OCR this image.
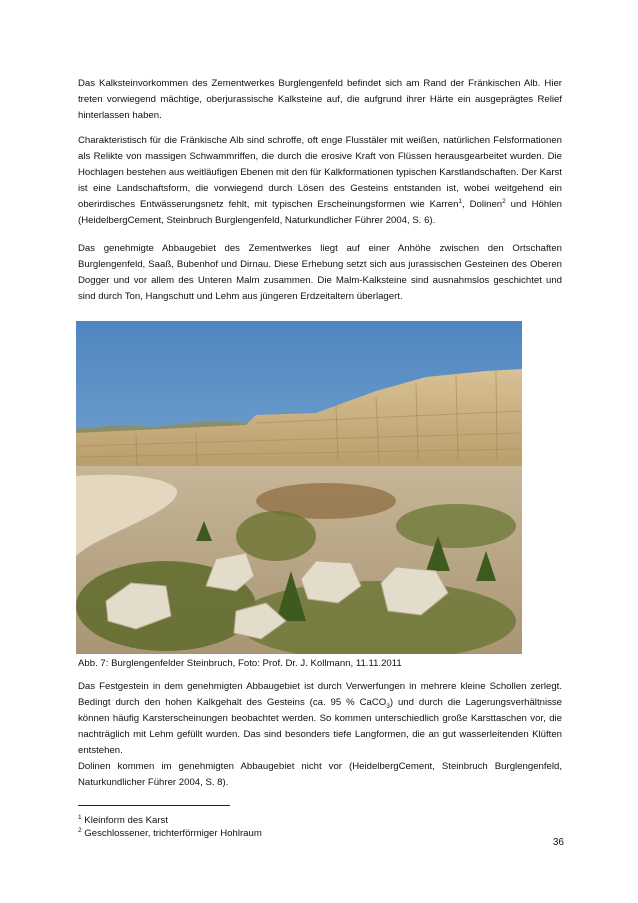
Das Kalksteinvorkommen des Zementwerkes Burglengenfeld befindet sich am Rand der Fränkischen Alb. Hier treten vorwiegend mächtige, oberjurassische Kalksteine auf, die aufgrund ihrer Härte ein ausgeprägtes Relief hinterlassen haben.

Charakteristisch für die Fränkische Alb sind schroffe, oft enge Flusstäler mit weißen, natürlichen Felsformationen als Relikte von massigen Schwammriffen, die durch die erosive Kraft von Flüssen herausgearbeitet wurden. Die Hochlagen bestehen aus weitläufigen Ebenen mit den für Kalkformationen typischen Karstlandschaften. Der Karst ist eine Landschaftsform, die vorwiegend durch Lösen des Gesteins entstanden ist, wobei weitgehend ein oberirdisches Entwässerungsnetz fehlt, mit typischen Erscheinungsformen wie Karren$^1$, Dolinen$^2$ und Höhlen (HeidelbergCement, Steinbruch Burglengenfeld, Naturkundlicher Führer 2004, S. 6).

Das genehmigte Abbaugebiet des Zementwerkes liegt auf einer Anhöhe zwischen den Ortschaften Burglengenfeld, Saaß, Bubenhof und Dirnau. Diese Erhebung setzt sich aus jurassischen Gesteinen des Oberen Dogger und vor allem des Unteren Malm zusammen. Die Malm-Kalksteine sind ausnahmslos geschichtet und sind durch Ton, Hangschutt und Lehm aus jüngeren Erdzeitaltern überlagert.

Abb. 7: Burglengenfelder Steinbruch, Foto: Prof. Dr. J. Kollmann, 11.11.2011

Das Festgestein in dem genehmigten Abbaugebiet ist durch Verwerfungen in mehrere kleine Schollen zerlegt. Bedingt durch den hohen Kalkgehalt des Gesteins (ca. 95 % CaCO$_3$) und durch die Lagerungsverhältnisse können häufig Karsterscheinungen beobachtet werden. So kommen unterschiedlich große Karsttaschen vor, die nachträglich mit Lehm gefüllt wurden. Das sind besonders tiefe Langformen, die an gut wasserleitenden Klüften entstehen.
Dolinen kommen im genehmigten Abbaugebiet nicht vor (HeidelbergCement, Steinbruch Burglengenfeld, Naturkundlicher Führer 2004, S. 8).

$^1$ Kleinform des Karst
$^2$ Geschlossener, trichterförmiger Hohlraum
36
